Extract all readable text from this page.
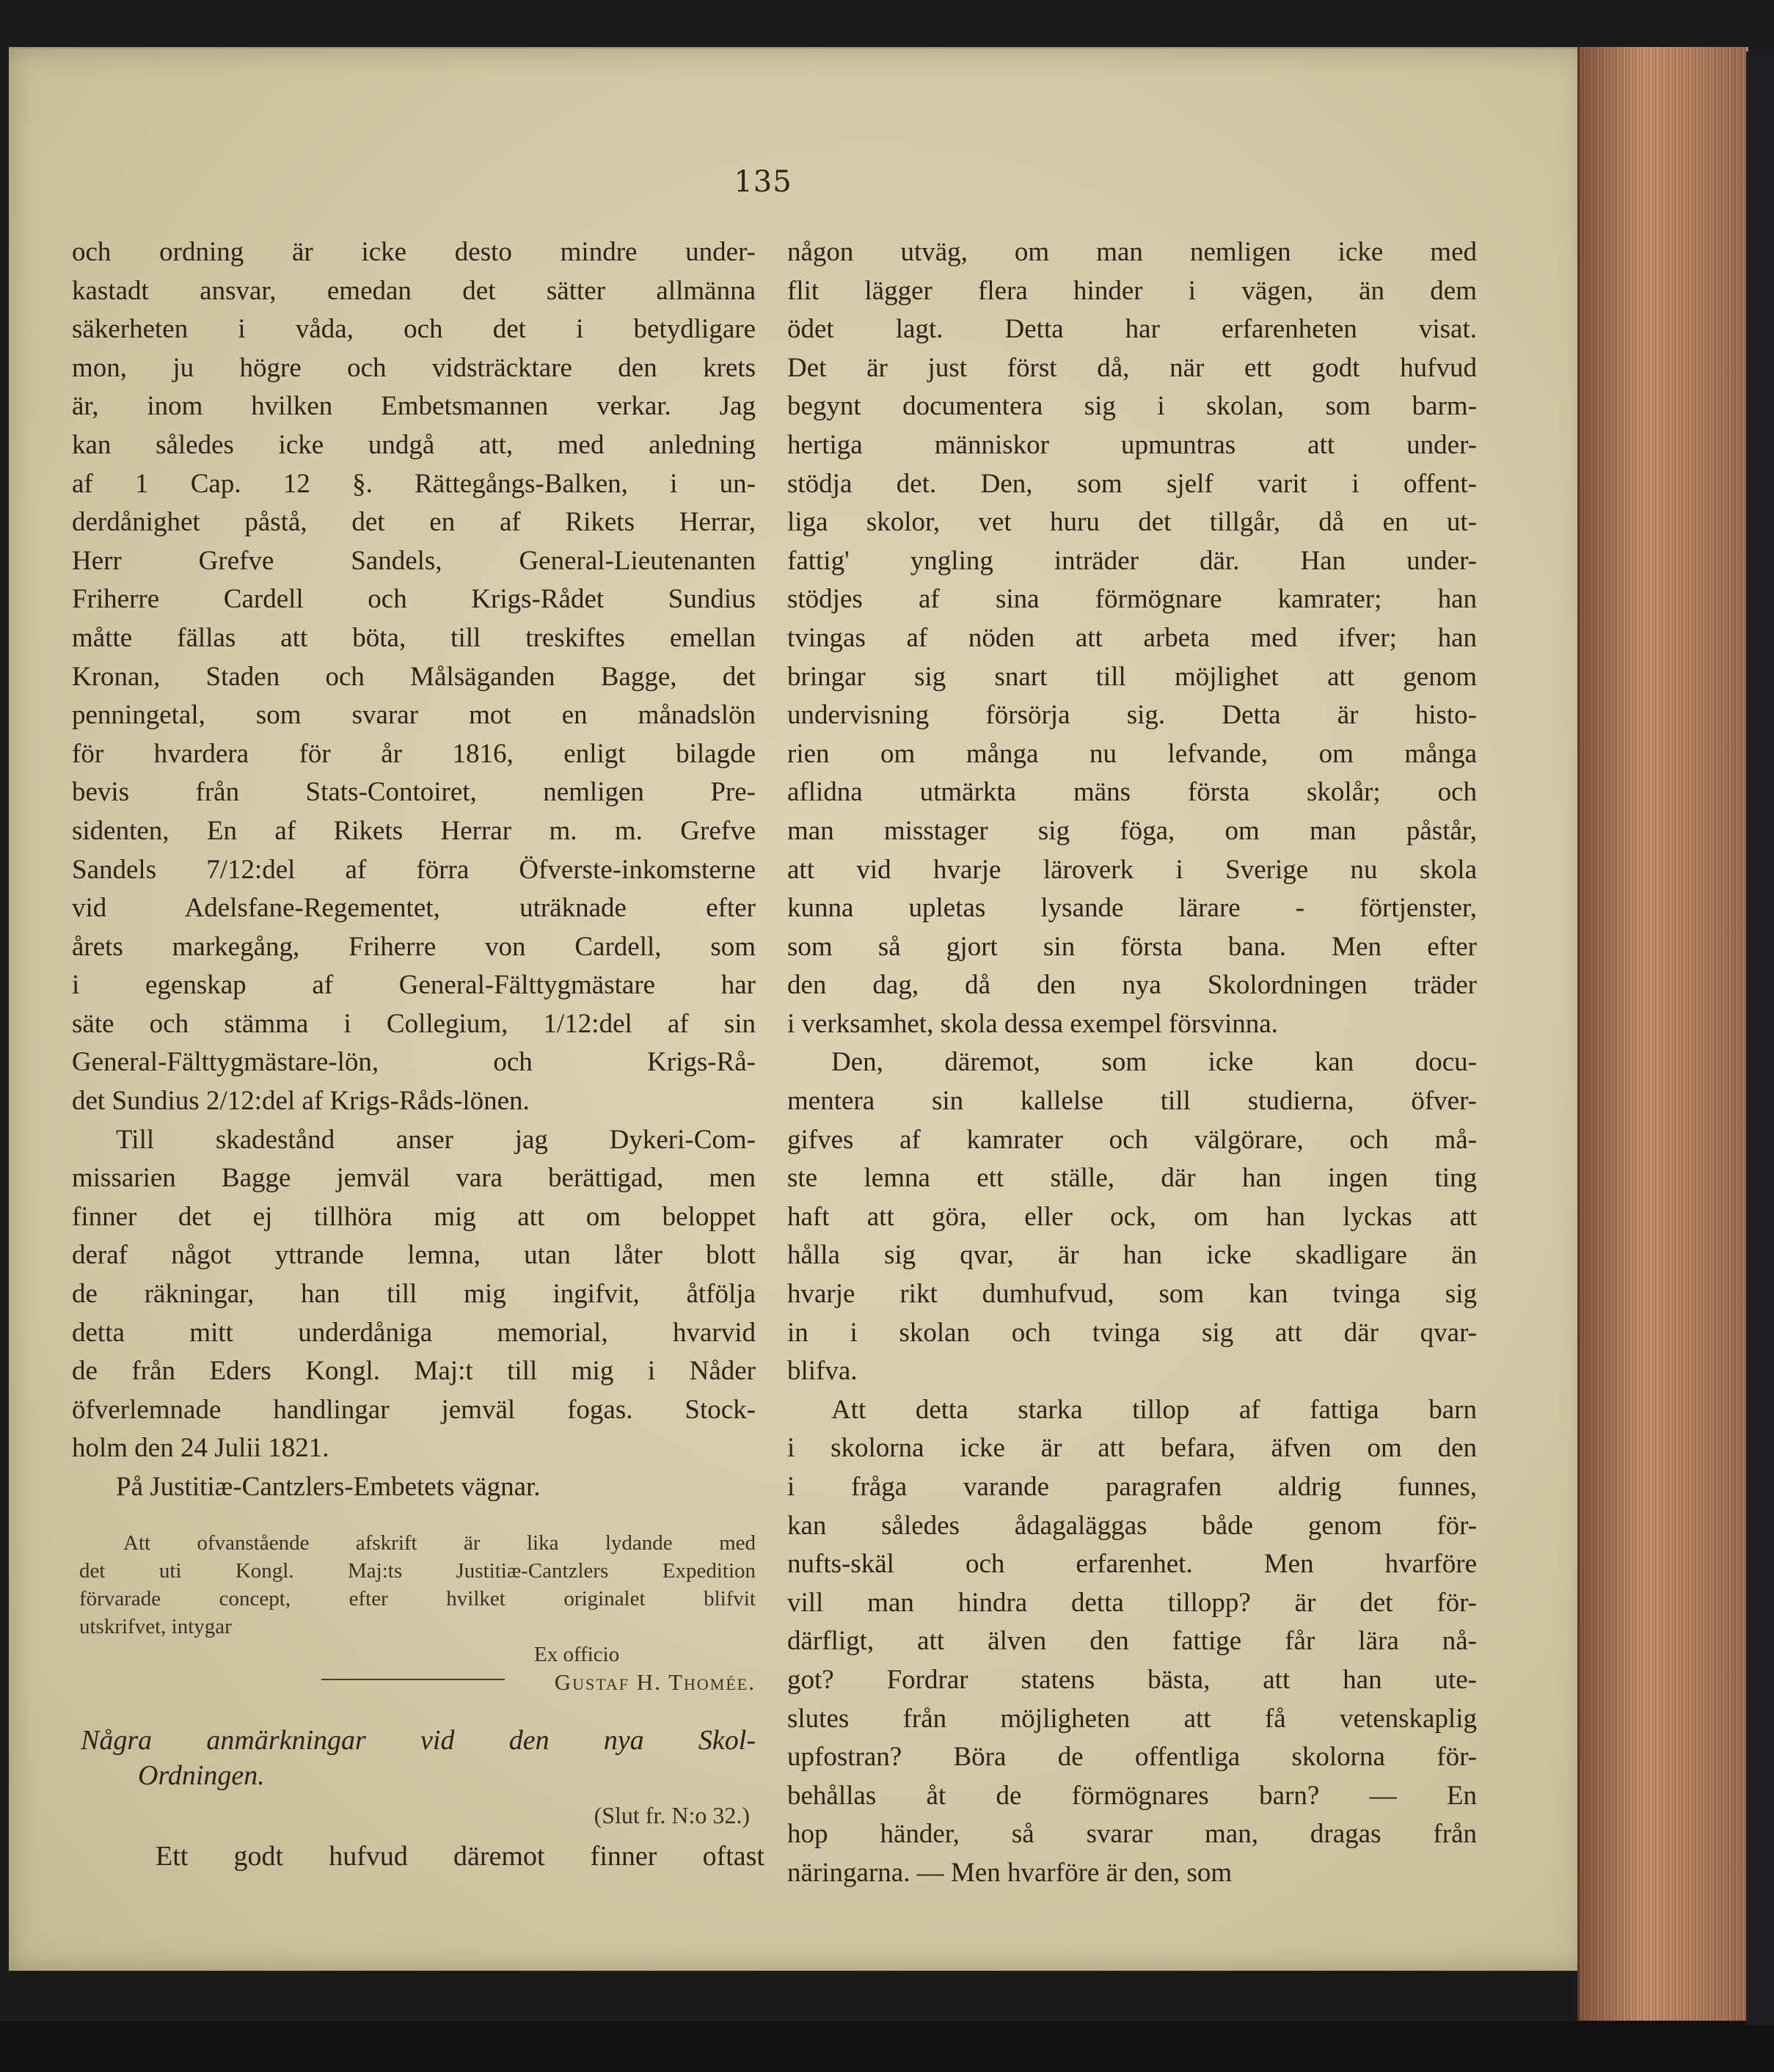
135
och ordning är icke desto mindre under-
kastadt ansvar, emedan det sätter allmänna
säkerheten i våda, och det i betydligare
mon, ju högre och vidsträcktare den krets
är, inom hvilken Embetsmannen verkar. Jag
kan således icke undgå att, med anledning
af 1 Cap. 12 §. Rättegångs-Balken, i un-
derdånighet påstå, det en af Rikets Herrar,
Herr Grefve Sandels, General-Lieutenanten
Friherre Cardell och Krigs-Rådet Sundius
måtte fällas att böta, till treskiftes emellan
Kronan, Staden och Målsäganden Bagge, det
penningetal, som svarar mot en månadslön
för hvardera för år 1816, enligt bilagde
bevis från Stats-Contoiret, nemligen Pre-
sidenten, En af Rikets Herrar m. m. Grefve
Sandels 7/12:del af förra Öfverste-inkomsterne
vid Adelsfane-Regementet, uträknade efter
årets markegång, Friherre von Cardell, som
i egenskap af General-Fälttygmästare har
säte och stämma i Collegium, 1/12:del af sin
General-Fälttygmästare-lön, och Krigs-Rå-
det Sundius 2/12:del af Krigs-Råds-lönen.
Till skadestånd anser jag Dykeri-Com-
missarien Bagge jemväl vara berättigad, men
finner det ej tillhöra mig att om beloppet
deraf något yttrande lemna, utan låter blott
de räkningar, han till mig ingifvit, åtfölja
detta mitt underdåniga memorial, hvarvid
de från Eders Kongl. Maj:t till mig i Nåder
öfverlemnade handlingar jemväl fogas. Stock-
holm den 24 Julii 1821.
På Justitiæ-Cantzlers-Embetets vägnar.
Att ofvanstående afskrift är lika lydande med
det uti Kongl. Maj:ts Justitiæ-Cantzlers Expedition
förvarade concept, efter hvilket originalet blifvit
utskrifvet, intygar
Ex officio
Gustaf H. Thomée.
Några anmärkningar vid den nya Skol-
Ordningen.
(Slut fr. N:o 32.)
Ett godt hufvud däremot finner oftast
någon utväg, om man nemligen icke med
flit lägger flera hinder i vägen, än dem
ödet lagt. Detta har erfarenheten visat.
Det är just först då, när ett godt hufvud
begynt documentera sig i skolan, som barm-
hertiga människor upmuntras att under-
stödja det. Den, som sjelf varit i offent-
liga skolor, vet huru det tillgår, då en ut-
fattig' yngling inträder där. Han under-
stödjes af sina förmögnare kamrater; han
tvingas af nöden att arbeta med ifver; han
bringar sig snart till möjlighet att genom
undervisning försörja sig. Detta är histo-
rien om många nu lefvande, om många
aflidna utmärkta mäns första skolår; och
man misstager sig föga, om man påstår,
att vid hvarje läroverk i Sverige nu skola
kunna upletas lysande lärare - förtjenster,
som så gjort sin första bana. Men efter
den dag, då den nya Skolordningen träder
i verksamhet, skola dessa exempel försvinna.
Den, däremot, som icke kan docu-
mentera sin kallelse till studierna, öfver-
gifves af kamrater och välgörare, och må-
ste lemna ett ställe, där han ingen ting
haft att göra, eller ock, om han lyckas att
hålla sig qvar, är han icke skadligare än
hvarje rikt dumhufvud, som kan tvinga sig
in i skolan och tvinga sig att där qvar-
blifva.
Att detta starka tillop af fattiga barn
i skolorna icke är att befara, äfven om den
i fråga varande paragrafen aldrig funnes,
kan således ådagaläggas både genom för-
nufts-skäl och erfarenhet. Men hvarföre
vill man hindra detta tillopp? är det för-
därfligt, att älven den fattige får lära nå-
got? Fordrar statens bästa, att han ute-
slutes från möjligheten att få vetenskaplig
upfostran? Böra de offentliga skolorna för-
behållas åt de förmögnares barn? — En
hop händer, så svarar man, dragas från
näringarna. — Men hvarföre är den, som
